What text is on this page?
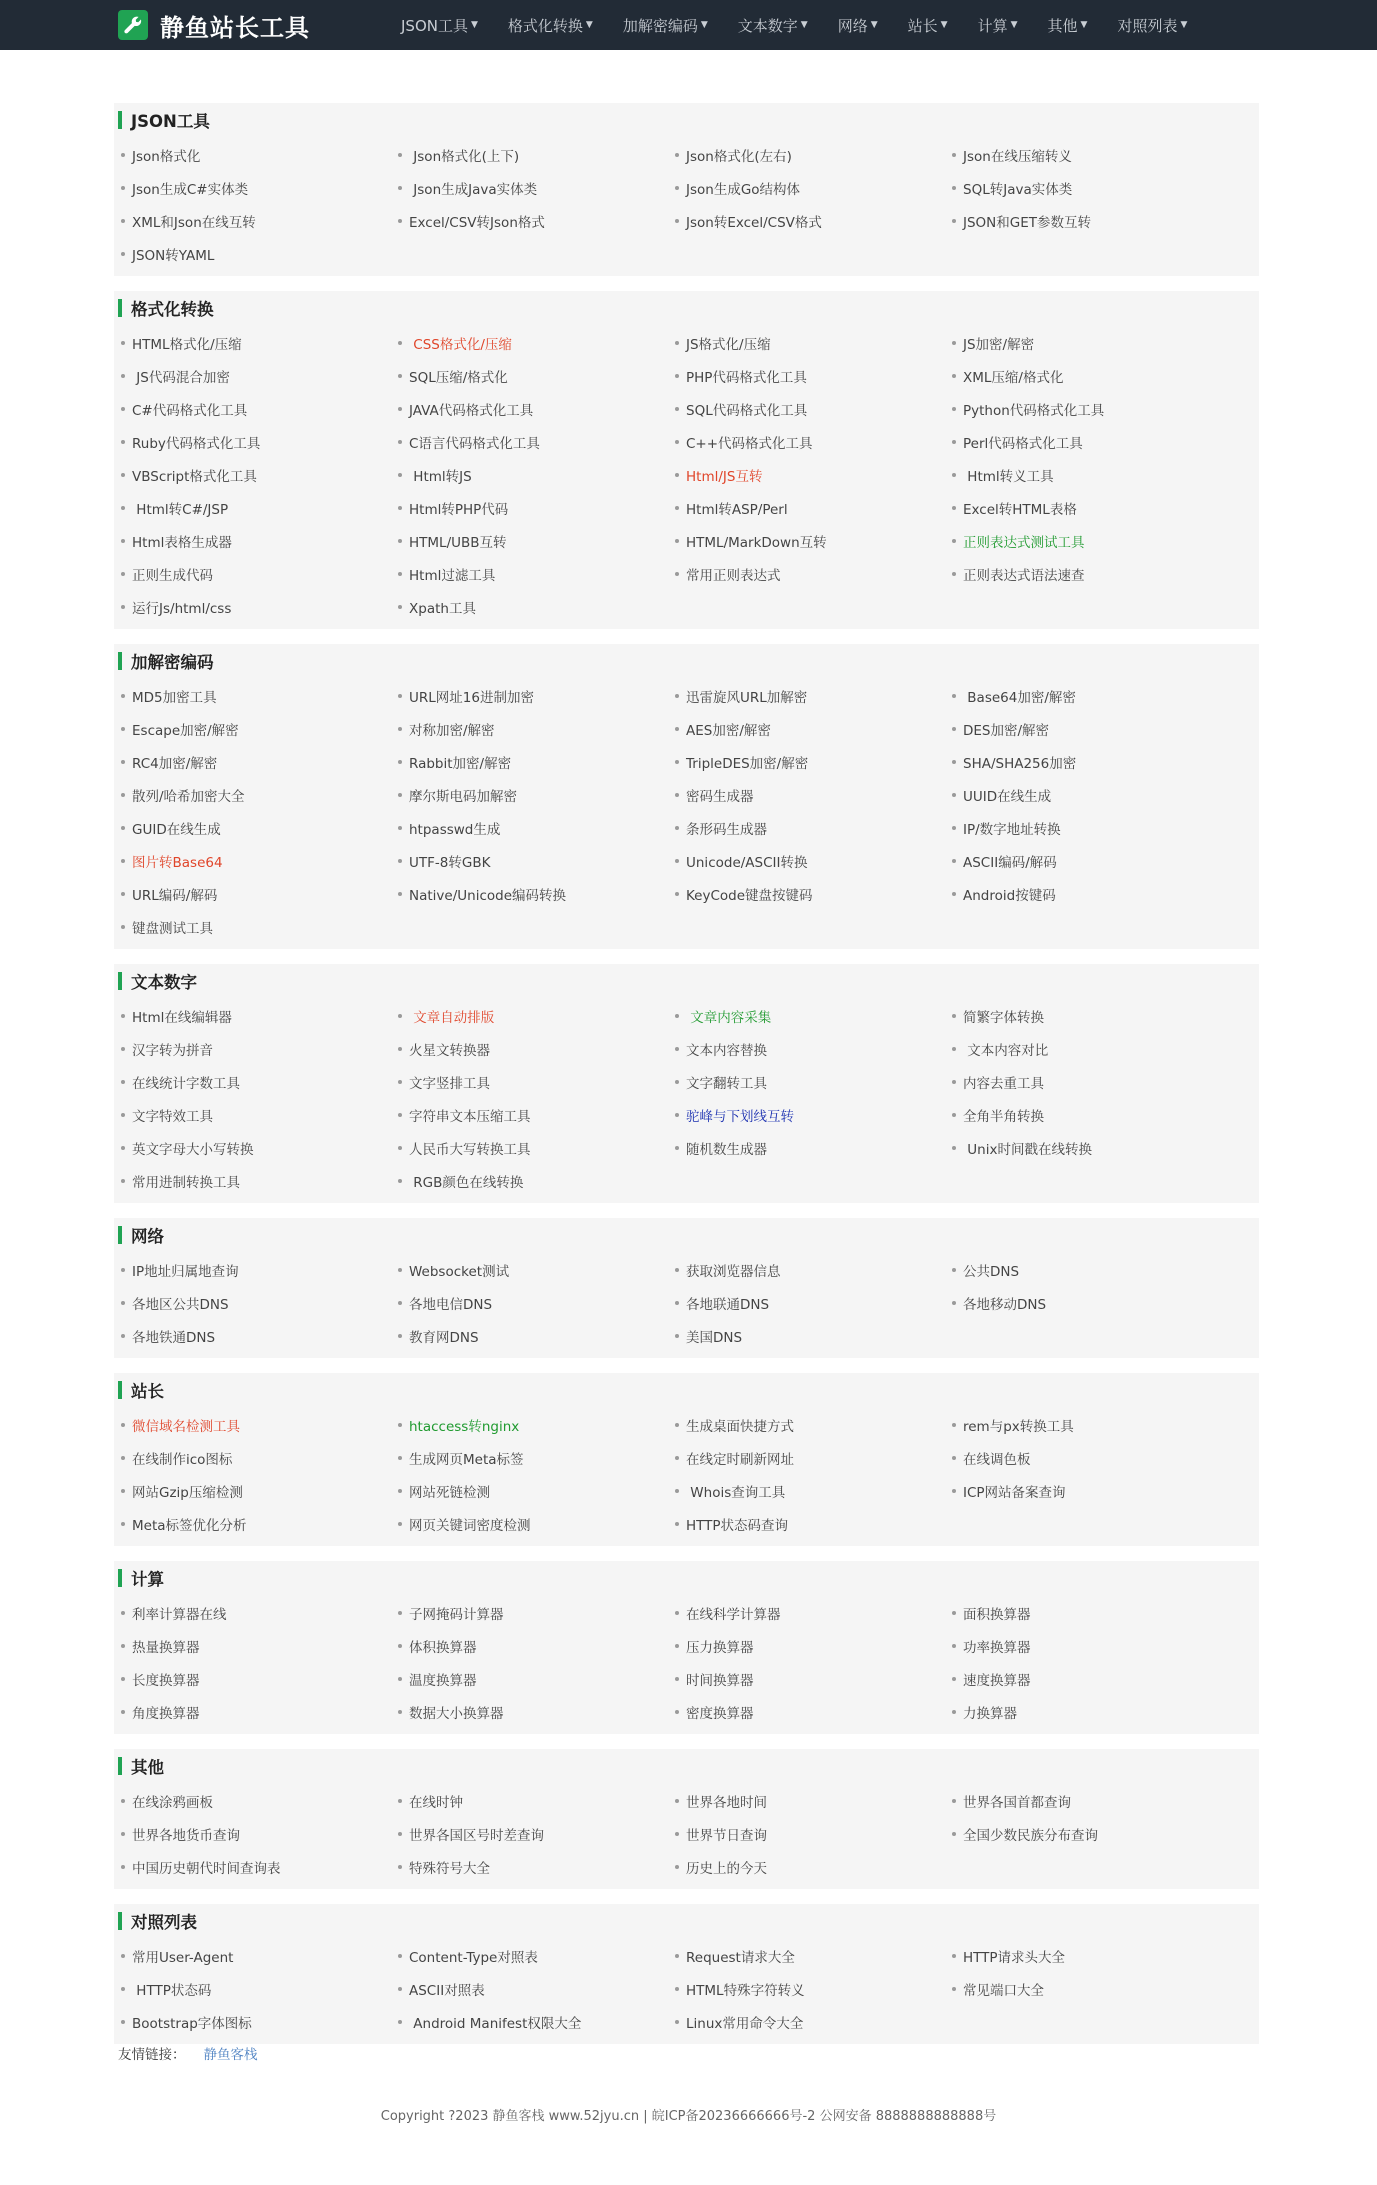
静鱼站长工具	JSON工具 ▼ 格式化转换 ▼ 加解密编码 ▼ 文本数字 ▼ 网络 ▼ 站长 ▼ 计算 ▼ 其他 ▼ 对照列表 ▼
JSON工具
Json格式化	Json格式化(上下)	Json格式化(左右)	Json在线压缩转义
Json生成C#实体类	Json生成Java实体类	Json生成Go结构体	SQL转Java实体类
XML和Json在线互转	Excel/CSV转Json格式	Json转Excel/CSV格式	JSON和GET参数互转
JSON转YAML
格式化转换
HTML格式化/压缩	CSS格式化/压缩	JS格式化/压缩	JS加密/解密
JS代码混合加密	SQL压缩/格式化	PHP代码格式化工具	XML压缩/格式化
C#代码格式化工具	JAVA代码格式化工具	SQL代码格式化工具	Python代码格式化工具
Ruby代码格式化工具	C语言代码格式化工具	C++代码格式化工具	Perl代码格式化工具
VBScript格式化工具	Html转JS	Html/JS互转	Html转义工具
Html转C#/JSP	Html转PHP代码	Html转ASP/Perl	Excel转HTML表格
Html表格生成器	HTML/UBB互转	HTML/MarkDown互转	正则表达式测试工具
正则生成代码	Html过滤工具	常用正则表达式	正则表达式语法速查
运行Js/html/css	Xpath工具
加解密编码
MD5加密工具	URL网址16进制加密	迅雷旋风URL加解密	Base64加密/解密
Escape加密/解密	对称加密/解密	AES加密/解密	DES加密/解密
RC4加密/解密	Rabbit加密/解密	TripleDES加密/解密	SHA/SHA256加密
散列/哈希加密大全	摩尔斯电码加解密	密码生成器	UUID在线生成
GUID在线生成	htpasswd生成	条形码生成器	IP/数字地址转换
图片转Base64	UTF-8转GBK	Unicode/ASCII转换	ASCII编码/解码
URL编码/解码	Native/Unicode编码转换	KeyCode键盘按键码	Android按键码
键盘测试工具
文本数字
Html在线编辑器	文章自动排版	文章内容采集	简繁字体转换
汉字转为拼音	火星文转换器	文本内容替换	文本内容对比
在线统计字数工具	文字竖排工具	文字翻转工具	内容去重工具
文字特效工具	字符串文本压缩工具	驼峰与下划线互转	全角半角转换
英文字母大小写转换	人民币大写转换工具	随机数生成器	Unix时间戳在线转换
常用进制转换工具	RGB颜色在线转换
网络
IP地址归属地查询	Websocket测试	获取浏览器信息	公共DNS
各地区公共DNS	各地电信DNS	各地联通DNS	各地移动DNS
各地铁通DNS	教育网DNS	美国DNS
站长
微信域名检测工具	htaccess转nginx	生成桌面快捷方式	rem与px转换工具
在线制作ico图标	生成网页Meta标签	在线定时刷新网址	在线调色板
网站Gzip压缩检测	网站死链检测	Whois查询工具	ICP网站备案查询
Meta标签优化分析	网页关键词密度检测	HTTP状态码查询
计算
利率计算器在线	子网掩码计算器	在线科学计算器	面积换算器
热量换算器	体积换算器	压力换算器	功率换算器
长度换算器	温度换算器	时间换算器	速度换算器
角度换算器	数据大小换算器	密度换算器	力换算器
其他
在线涂鸦画板	在线时钟	世界各地时间	世界各国首都查询
世界各地货币查询	世界各国区号时差查询	世界节日查询	全国少数民族分布查询
中国历史朝代时间查询表	特殊符号大全	历史上的今天
对照列表
常用User-Agent	Content-Type对照表	Request请求大全	HTTP请求头大全
HTTP状态码	ASCII对照表	HTML特殊字符转义	常见端口大全
Bootstrap字体图标	Android Manifest权限大全	Linux常用命令大全
友情链接： 静鱼客栈
Copyright ?2023 静鱼客栈 www.52jyu.cn | 皖ICP备20236666666号-2 公网安备 8888888888888号
